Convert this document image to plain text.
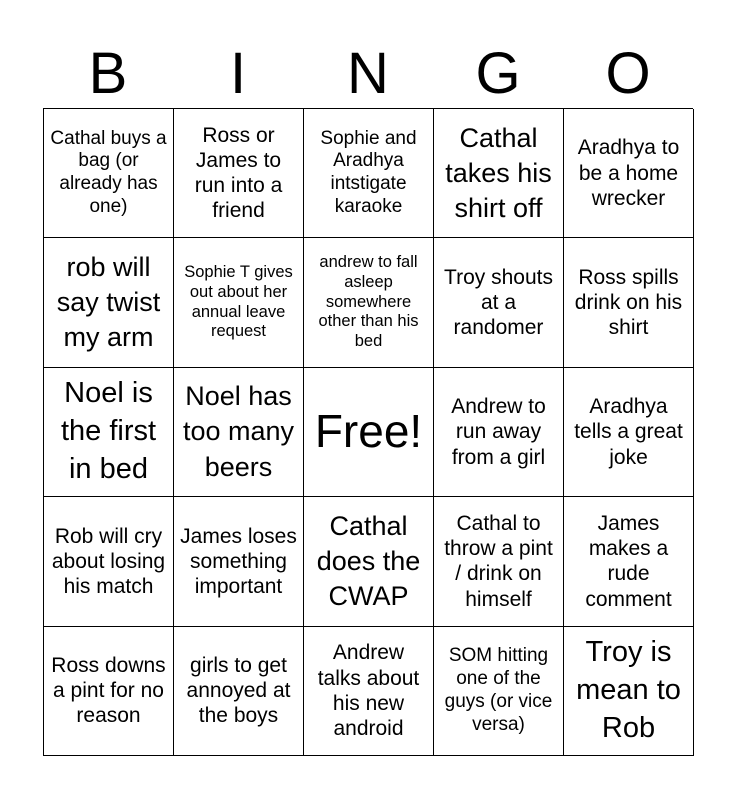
B	I	N	G	O
Cathal buys a bag (or already has one)
Ross or James to run into a friend
Sophie and Aradhya intstigate karaoke
Cathal takes his shirt off
Aradhya to be a home wrecker
rob will say twist my arm
Sophie T gives out about her annual leave request
andrew to fall asleep somewhere other than his bed
Troy shouts at a randomer
Ross spills drink on his shirt
Noel is the first in bed
Noel has too many beers
Free!	Andrew to run away from a girl
Aradhya tells a great joke
Rob will cry about losing his match
James loses something important
Cathal does the CWAP
Cathal to throw a pint / drink on himself
James makes a rude comment
Ross downs a pint for no reason
girls to get annoyed at the boys
Andrew talks about his new android
SOM hitting one of the guys (or vice versa)
Troy is mean to Rob
